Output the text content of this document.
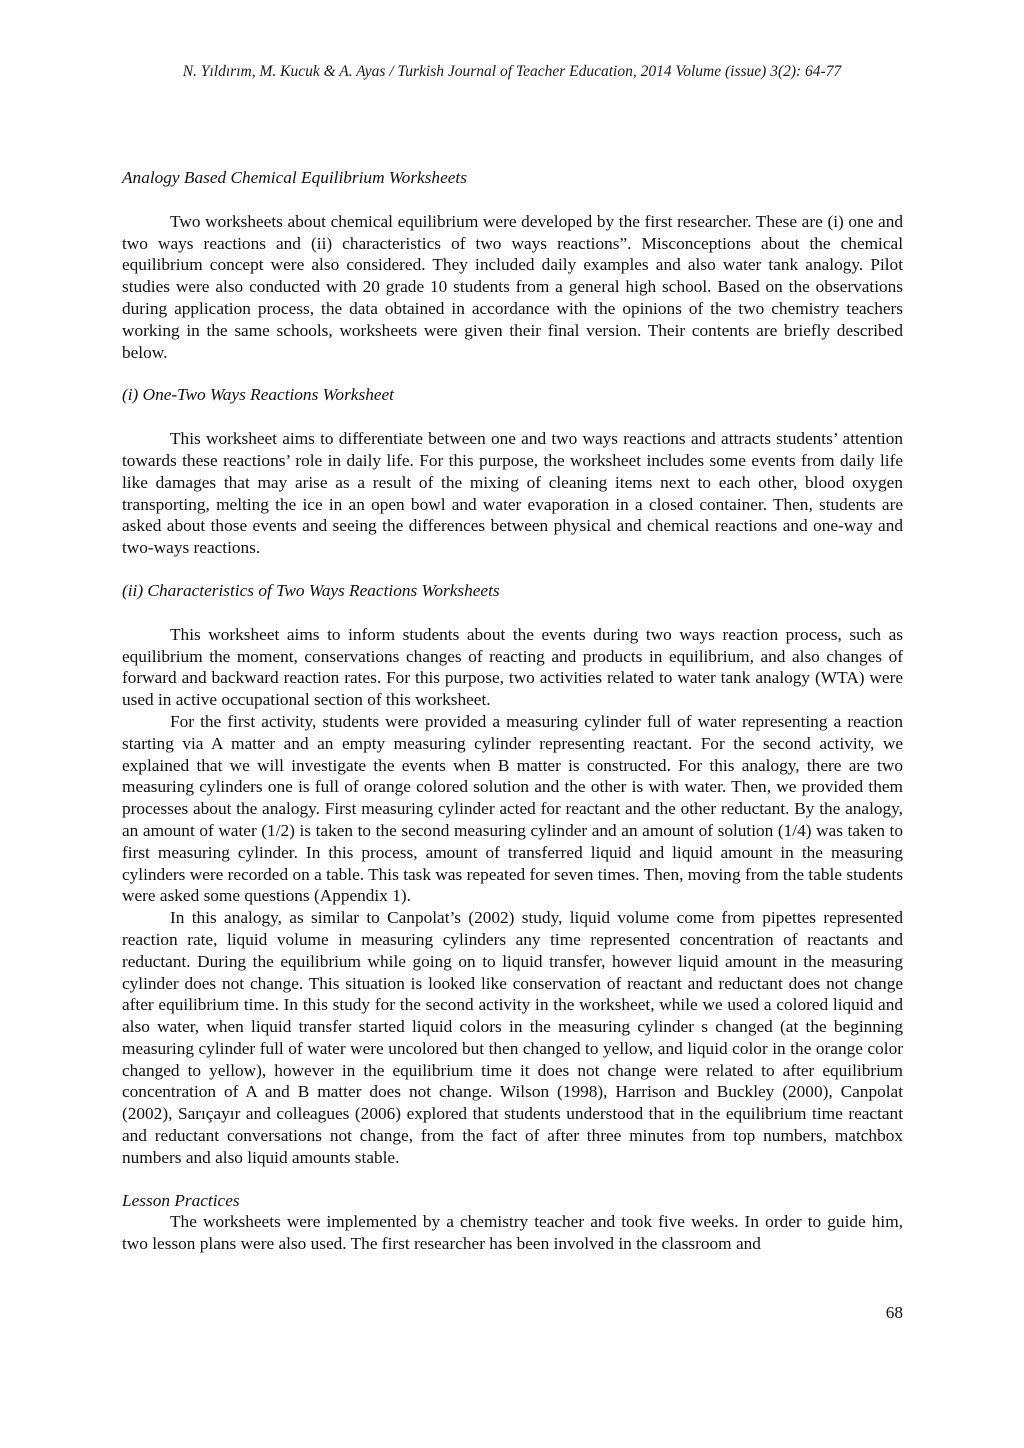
N. Yıldırım, M. Kucuk & A. Ayas / Turkish Journal of Teacher Education, 2014 Volume (issue) 3(2): 64-77

Analogy Based Chemical Equilibrium Worksheets

Two worksheets about chemical equilibrium were developed by the first researcher. These are (i) one and two ways reactions and (ii) characteristics of two ways reactions”. Misconceptions about the chemical equilibrium concept were also considered. They included daily examples and also water tank analogy. Pilot studies were also conducted with 20 grade 10 students from a general high school. Based on the observations during application process, the data obtained in accordance with the opinions of the two chemistry teachers working in the same schools, worksheets were given their final version. Their contents are briefly described below.

(i) One-Two Ways Reactions Worksheet

This worksheet aims to differentiate between one and two ways reactions and attracts students’ attention towards these reactions’ role in daily life. For this purpose, the worksheet includes some events from daily life like damages that may arise as a result of the mixing of cleaning items next to each other, blood oxygen transporting, melting the ice in an open bowl and water evaporation in a closed container. Then, students are asked about those events and seeing the differences between physical and chemical reactions and one-way and two-ways reactions.

(ii) Characteristics of Two Ways Reactions Worksheets

This worksheet aims to inform students about the events during two ways reaction process, such as equilibrium the moment, conservations changes of reacting and products in equilibrium, and also changes of forward and backward reaction rates. For this purpose, two activities related to water tank analogy (WTA) were used in active occupational section of this worksheet.

For the first activity, students were provided a measuring cylinder full of water representing a reaction starting via A matter and an empty measuring cylinder representing reactant. For the second activity, we explained that we will investigate the events when B matter is constructed. For this analogy, there are two measuring cylinders one is full of orange colored solution and the other is with water. Then, we provided them processes about the analogy. First measuring cylinder acted for reactant and the other reductant. By the analogy, an amount of water (1/2) is taken to the second measuring cylinder and an amount of solution (1/4) was taken to first measuring cylinder. In this process, amount of transferred liquid and liquid amount in the measuring cylinders were recorded on a table. This task was repeated for seven times. Then, moving from the table students were asked some questions (Appendix 1).

In this analogy, as similar to Canpolat’s (2002) study, liquid volume come from pipettes represented reaction rate, liquid volume in measuring cylinders any time represented concentration of reactants and reductant. During the equilibrium while going on to liquid transfer, however liquid amount in the measuring cylinder does not change. This situation is looked like conservation of reactant and reductant does not change after equilibrium time. In this study for the second activity in the worksheet, while we used a colored liquid and also water, when liquid transfer started liquid colors in the measuring cylinder s changed (at the beginning measuring cylinder full of water were uncolored but then changed to yellow, and liquid color in the orange color changed to yellow), however in the equilibrium time it does not change were related to after equilibrium concentration of A and B matter does not change. Wilson (1998), Harrison and Buckley (2000), Canpolat (2002), Sarıçayır and colleagues (2006) explored that students understood that in the equilibrium time reactant and reductant conversations not change, from the fact of after three minutes from top numbers, matchbox numbers and also liquid amounts stable.

Lesson Practices

The worksheets were implemented by a chemistry teacher and took five weeks. In order to guide him, two lesson plans were also used. The first researcher has been involved in the classroom and

68
